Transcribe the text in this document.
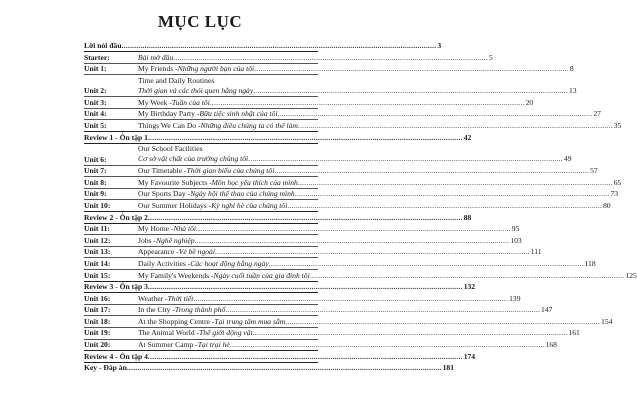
MỤC LỤC
Lời nói đầu .....	3
Starter:	Bài mở đầu .....	5
Unit 1:	My Friends - Những người bạn của tôi .....	8
Unit 2:
Time and Daily Routines
Thời gian và các thói quen hằng ngày .....	13
Unit 3:	My Week - Tuần của tôi .....	20
Unit 4:	My Birthday Party - Bữa tiệc sinh nhật của tôi .....	27
Unit 5:	Things We Can Do - Những điều chúng ta có thể làm .....	35
Review 1 - Ôn tập 1 .....	42
Unit 6:
Our School Facilities
Cơ sở vật chất của trường chúng tôi .....	49
Unit 7:	Our Timetable - Thời gian biểu của chúng tôi .....	57
Unit 8:	My Favourite Subjects - Môn học yêu thích của mình .....	65
Unit 9:	Our Sports Day - Ngày hội thể thao của chúng mình .....	73
Unit 10:	Our Summer Holidays - Kỳ nghỉ hè của chúng tôi .....	80
Review 2 - Ôn tập 2 .....	88
Unit 11:	My Home - Nhà tôi .....	95
Unit 12:	Jobs - Nghề nghiệp .....	103
Unit 13:	Appearance - Vẻ bề ngoài .....	111
Unit 14:	Daily Activities - Các hoạt động hằng ngày .....	118
Unit 15:	My Family's Weekends - Ngày cuối tuần của gia đình tôi .....	125
Review 3 - Ôn tập 3 .....	132
Unit 16:	Weather - Thời tiết .....	139
Unit 17:	In the City - Trong thành phố .....	147
Unit 18:	At the Shopping Centre - Tại trung tâm mua sắm .....	154
Unit 19:	The Animal World - Thế giới động vật .....	161
Unit 20:	At Summer Camp - Tại trại hè .....	168
Review 4 - Ôn tập 4 .....	174
Key - Đáp án .....	181
